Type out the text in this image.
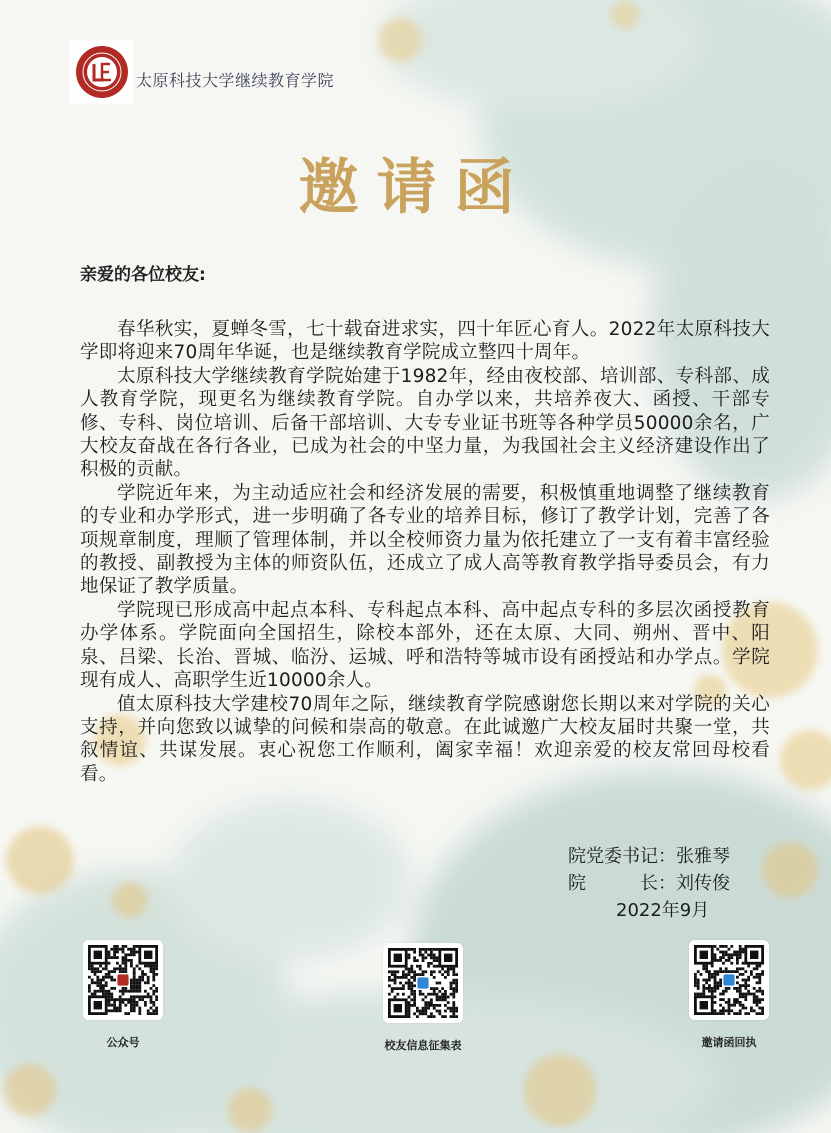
太原科技大学继续教育学院
邀请函
亲爱的各位校友:

春华秋实，夏蝉冬雪，七十载奋进求实，四十年匠心育人。2022年太原科技大学即将迎来70周年华诞，也是继续教育学院成立整四十周年。

太原科技大学继续教育学院始建于1982年，经由夜校部、培训部、专科部、成人教育学院，现更名为继续教育学院。自办学以来，共培养夜大、函授、干部专修、专科、岗位培训、后备干部培训、大专专业证书班等各种学员50000余名，广大校友奋战在各行各业，已成为社会的中坚力量，为我国社会主义经济建设作出了积极的贡献。

学院近年来，为主动适应社会和经济发展的需要，积极慎重地调整了继续教育的专业和办学形式，进一步明确了各专业的培养目标，修订了教学计划，完善了各项规章制度，理顺了管理体制，并以全校师资力量为依托建立了一支有着丰富经验的教授、副教授为主体的师资队伍，还成立了成人高等教育教学指导委员会，有力地保证了教学质量。

学院现已形成高中起点本科、专科起点本科、高中起点专科的多层次函授教育办学体系。学院面向全国招生，除校本部外，还在太原、大同、朔州、晋中、阳泉、吕梁、长治、晋城、临汾、运城、呼和浩特等城市设有函授站和办学点。学院现有成人、高职学生近10000余人。

值太原科技大学建校70周年之际，继续教育学院感谢您长期以来对学院的关心支持，并向您致以诚挚的问候和崇高的敬意。在此诚邀广大校友届时共聚一堂，共叙情谊、共谋发展。衷心祝您工作顺利，阖家幸福！欢迎亲爱的校友常回母校看看。

院党委书记：张雅琴
院　　　长：刘传俊
2022年9月
公众号	校友信息征集表	邀请函回执
